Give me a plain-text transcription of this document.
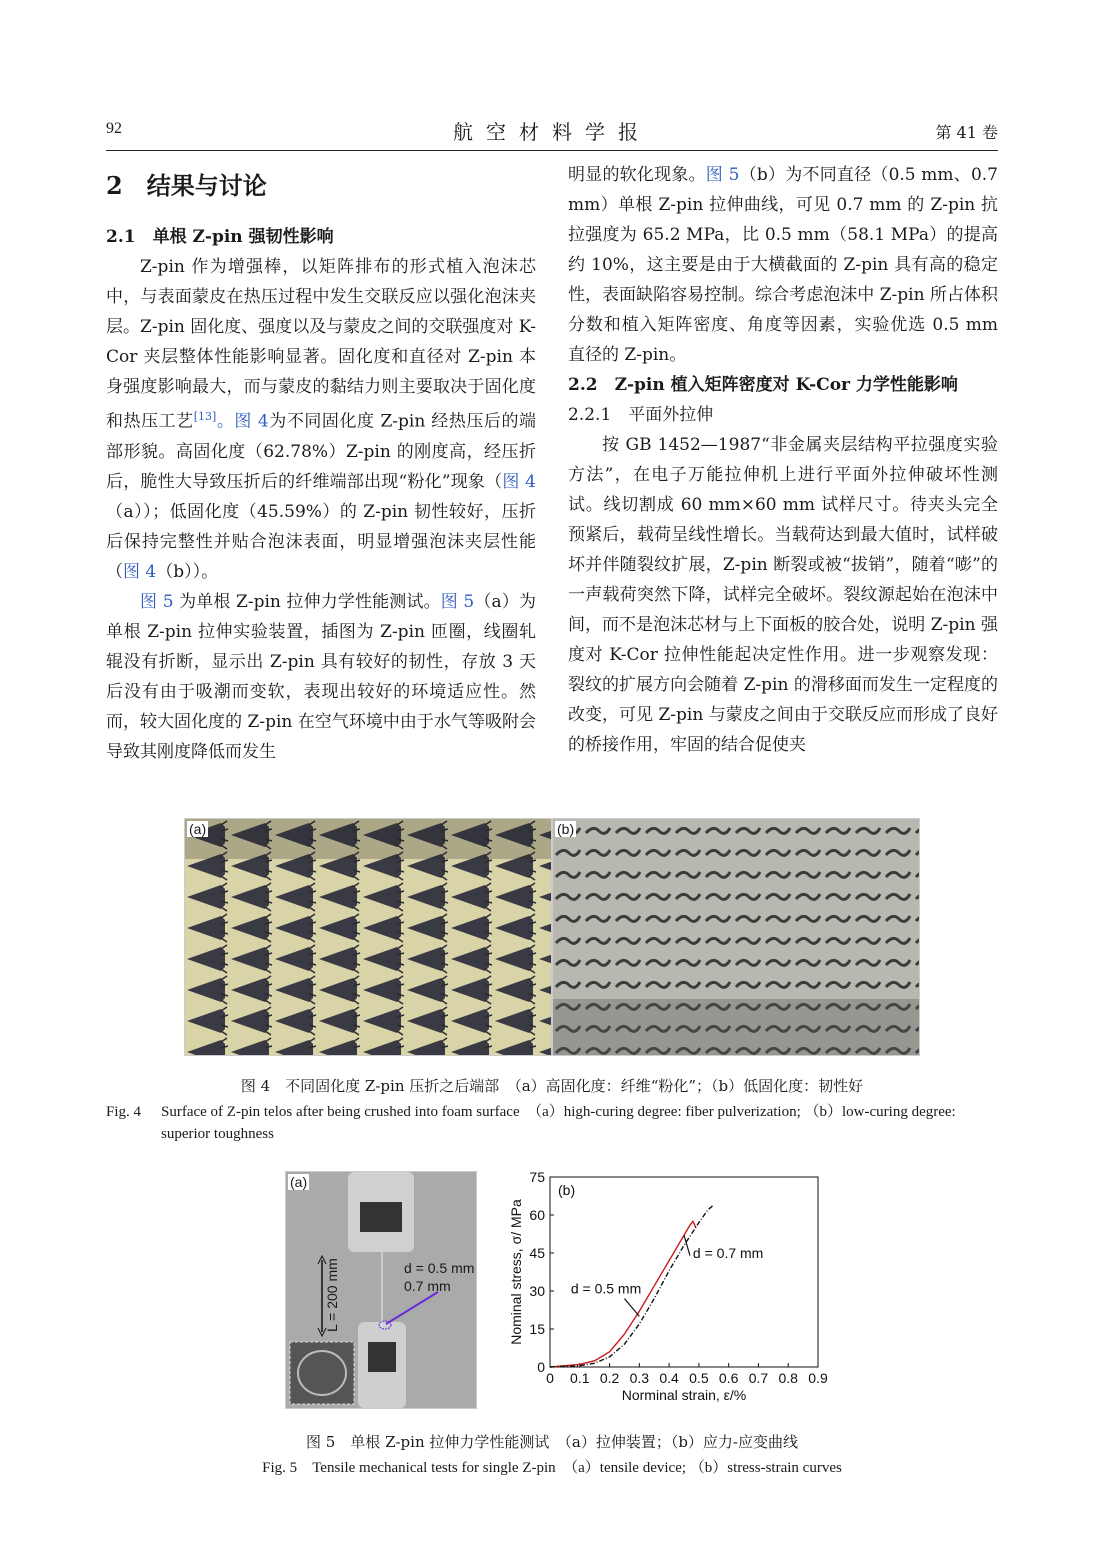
92	航空材料学报	第 41 卷
2　结果与讨论
2.1　单根 Z-pin 强韧性影响

Z-pin 作为增强棒，以矩阵排布的形式植入泡沫芯中，与表面蒙皮在热压过程中发生交联反应以强化泡沫夹层。Z-pin 固化度、强度以及与蒙皮之间的交联强度对 K-Cor 夹层整体性能影响显著。固化度和直径对 Z-pin 本身强度影响最大，而与蒙皮的黏结力则主要取决于固化度和热压工艺[13]。图 4为不同固化度 Z-pin 经热压后的端部形貌。高固化度（62.78%）Z-pin 的刚度高，经压折后，脆性大导致压折后的纤维端部出现“粉化”现象（图 4（a））；低固化度（45.59%）的 Z-pin 韧性较好，压折后保持完整性并贴合泡沫表面，明显增强泡沫夹层性能（图 4（b））。

图 5 为单根 Z-pin 拉伸力学性能测试。图 5（a）为单根 Z-pin 拉伸实验装置，插图为 Z-pin 匝圈，线圈轧辊没有折断，显示出 Z-pin 具有较好的韧性，存放 3 天后没有由于吸潮而变软，表现出较好的环境适应性。然而，较大固化度的 Z-pin 在空气环境中由于水气等吸附会导致其刚度降低而发生

明显的软化现象。图 5（b）为不同直径（0.5 mm、0.7 mm）单根 Z-pin 拉伸曲线，可见 0.7 mm 的 Z-pin 抗拉强度为 65.2 MPa，比 0.5 mm（58.1 MPa）的提高约 10%，这主要是由于大横截面的 Z-pin 具有高的稳定性，表面缺陷容易控制。综合考虑泡沫中 Z-pin 所占体积分数和植入矩阵密度、角度等因素，实验优选 0.5 mm 直径的 Z-pin。

2.2　Z-pin 植入矩阵密度对 K-Cor 力学性能影响
2.2.1　平面外拉伸

按 GB 1452—1987“非金属夹层结构平拉强度实验方法”，在电子万能拉伸机上进行平面外拉伸破坏性测试。线切割成 60 mm×60 mm 试样尺寸。待夹头完全预紧后，载荷呈线性增长。当载荷达到最大值时，试样破坏并伴随裂纹扩展，Z-pin 断裂或被“拔销”，随着“嘭”的一声载荷突然下降，试样完全破坏。裂纹源起始在泡沫中间，而不是泡沫芯材与上下面板的胶合处，说明 Z-pin 强度对 K-Cor 拉伸性能起决定性作用。进一步观察发现：裂纹的扩展方向会随着 Z-pin 的滑移面而发生一定程度的改变，可见 Z-pin 与蒙皮之间由于交联反应而形成了良好的桥接作用，牢固的结合促使夹

(a)	(b)
图 4　不同固化度 Z-pin 压折之后端部　（a）高固化度：纤维“粉化”；（b）低固化度：韧性好
Fig. 4 Surface of Z-pin telos after being crushed into foam surface　（a）high-curing degree: fiber pulverization; （b）low-curing degree: superior toughness
(a)
L = 200 mm	d = 0.5 mm
0.7 mm
0 0.1 0.2 0.3 0.4 0.5 0.6 0.7 0.8 0.9
0
15
30
45
60
75
Norminal strain, ε/%
Nominal stress, σ/ MPa
(b)
d = 0.7 mm
d = 0.5 mm
图 5　单根 Z-pin 拉伸力学性能测试　（a）拉伸装置；（b）应力-应变曲线
Fig. 5　 Tensile mechanical tests for single Z-pin　（a）tensile device; （b）stress-strain curves
